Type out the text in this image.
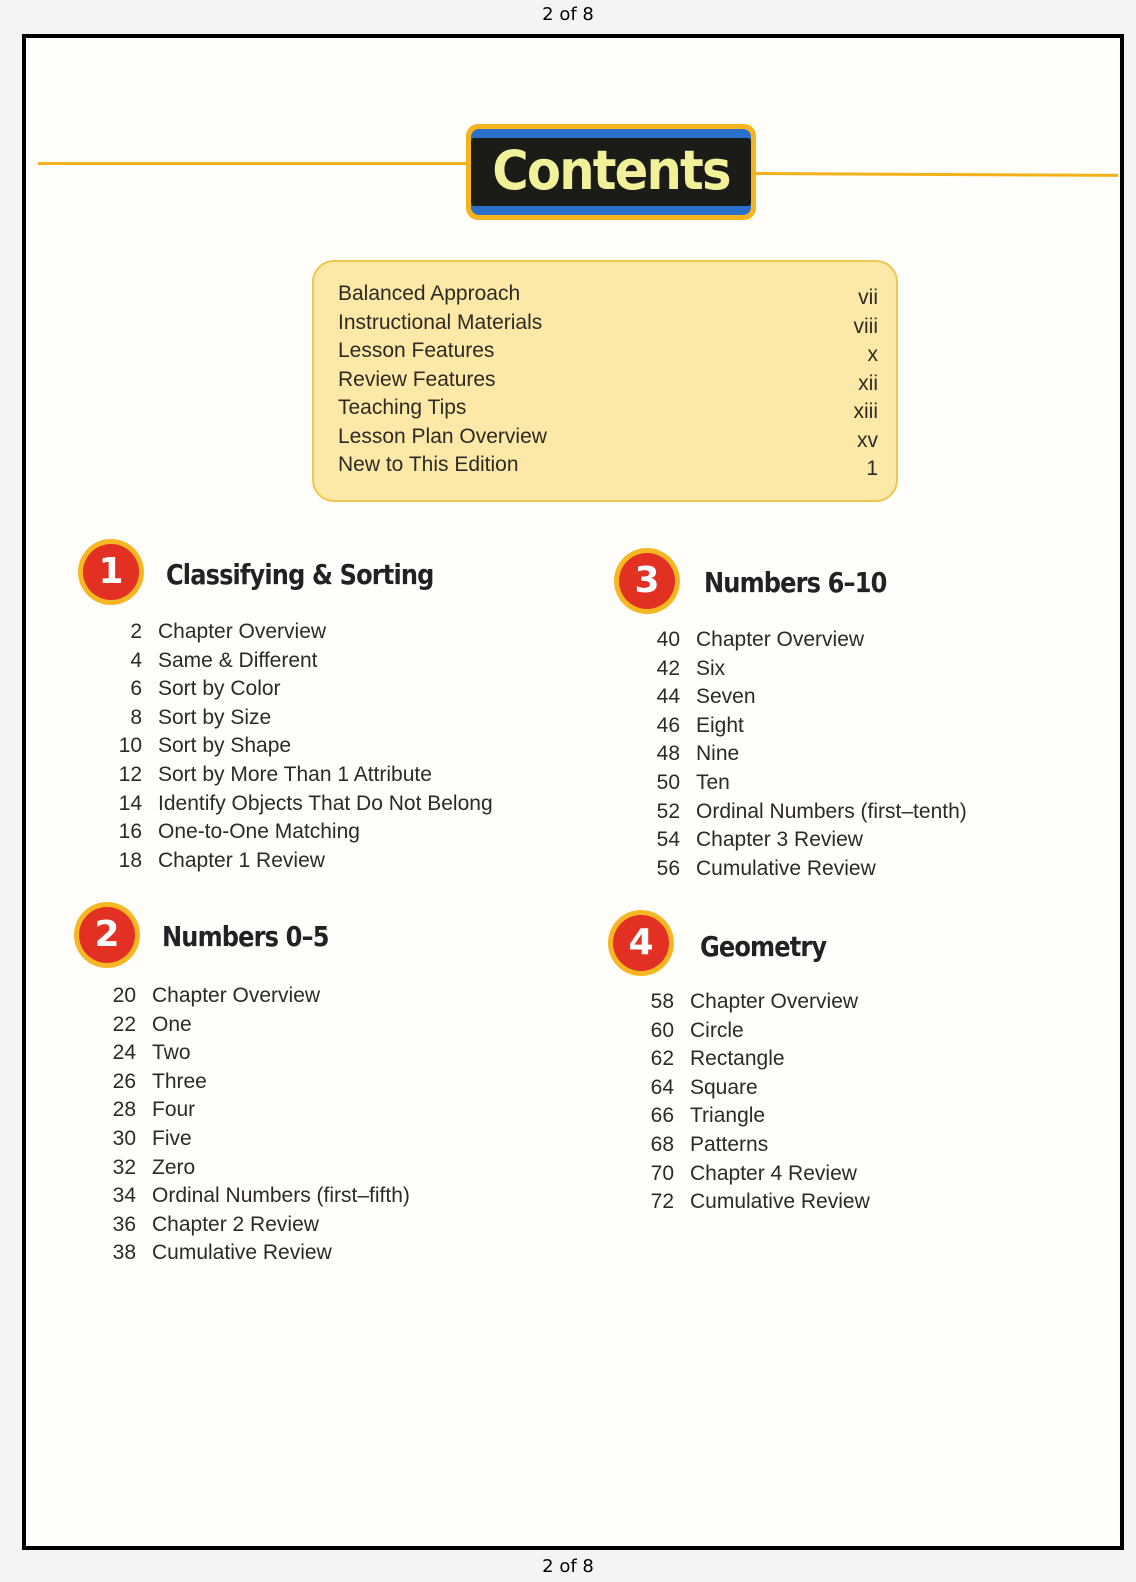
2 of 8
Contents
Balanced Approach	vii
Instructional Materials	viii
Lesson Features	x
Review Features	xii
Teaching Tips	xiii
Lesson Plan Overview	xv
New to This Edition	1
1	Classifying & Sorting
2 Chapter Overview
4 Same & Different
6 Sort by Color
8 Sort by Size
10 Sort by Shape
12 Sort by More Than 1 Attribute
14 Identify Objects That Do Not Belong
16 One-to-One Matching
18 Chapter 1 Review
2	Numbers 0–5
20 Chapter Overview
22 One
24 Two
26 Three
28 Four
30 Five
32 Zero
34 Ordinal Numbers (first–fifth)
36 Chapter 2 Review
38 Cumulative Review
3	Numbers 6–10
40 Chapter Overview
42 Six
44 Seven
46 Eight
48 Nine
50 Ten
52 Ordinal Numbers (first–tenth)
54 Chapter 3 Review
56 Cumulative Review
4	Geometry
58 Chapter Overview
60 Circle
62 Rectangle
64 Square
66 Triangle
68 Patterns
70 Chapter 4 Review
72 Cumulative Review
2 of 8
